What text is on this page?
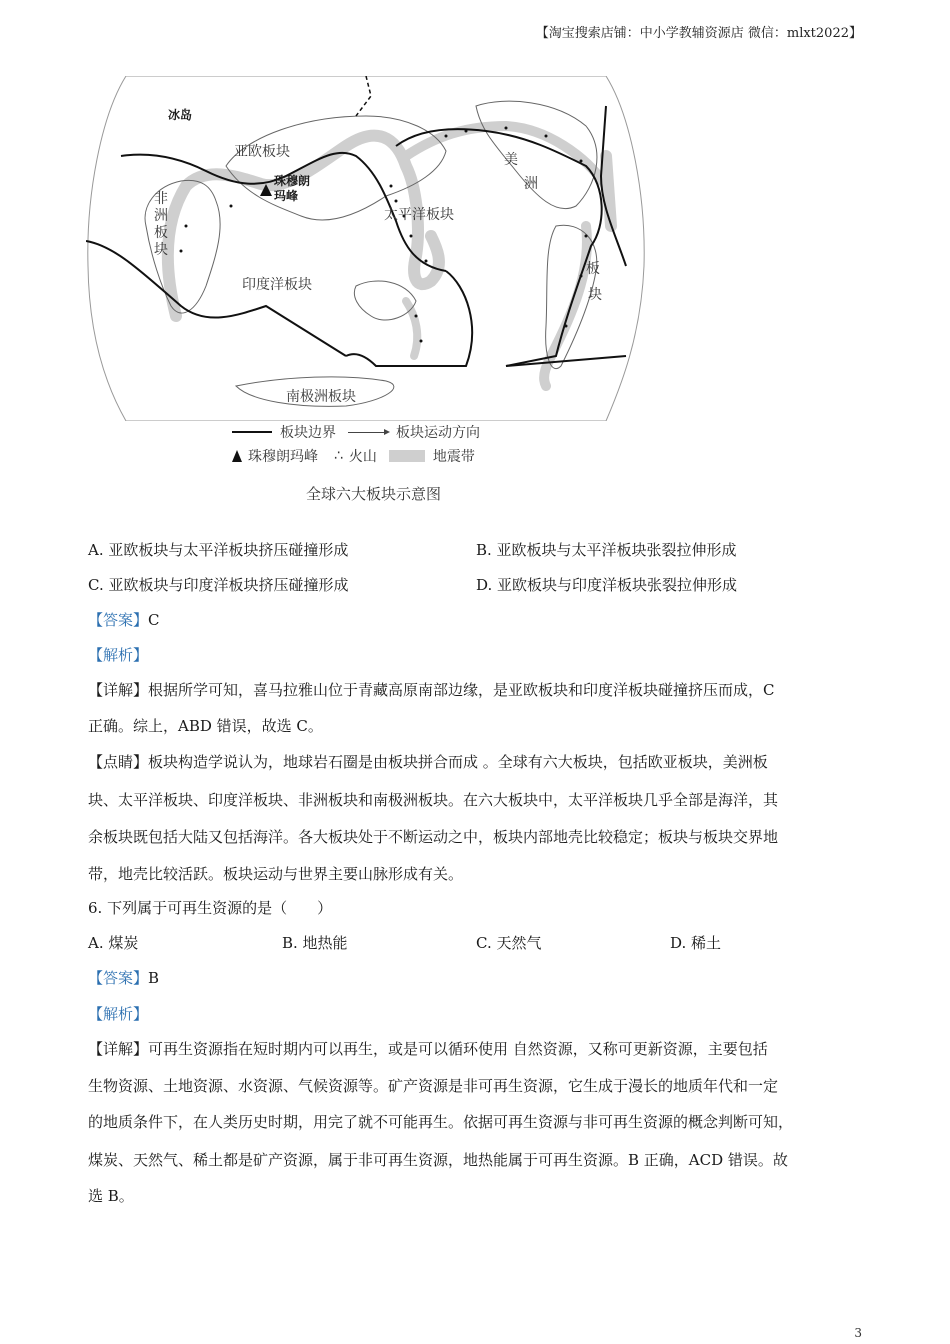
【淘宝搜索店铺：中小学教辅资源店 微信：mlxt2022】
冰岛
亚欧板块
珠穆朗玛峰
非
洲
板
块
太平洋板块
美
洲
板
块
印度洋板块
南极洲板块
板块边界	板块运动方向
珠穆朗玛峰 ∴ 火山	地震带
全球六大板块示意图
A. 亚欧板块与太平洋板块挤压碰撞形成	B. 亚欧板块与太平洋板块张裂拉伸形成
C. 亚欧板块与印度洋板块挤压碰撞形成	D. 亚欧板块与印度洋板块张裂拉伸形成
【答案】C
【解析】
【详解】根据所学可知，喜马拉雅山位于青藏高原南部边缘，是亚欧板块和印度洋板块碰撞挤压而成，C
正确。综上，ABD 错误，故选 C。
【点睛】板块构造学说认为，地球岩石圈是由板块拼合而成 。全球有六大板块，包括欧亚板块，美洲板
块、太平洋板块、印度洋板块、非洲板块和南极洲板块。在六大板块中，太平洋板块几乎全部是海洋，其
余板块既包括大陆又包括海洋。各大板块处于不断运动之中，板块内部地壳比较稳定；板块与板块交界地
带，地壳比较活跃。板块运动与世界主要山脉形成有关。
6. 下列属于可再生资源的是（　　）
A. 煤炭	B. 地热能	C. 天然气	D. 稀土
【答案】B
【解析】
【详解】可再生资源指在短时期内可以再生，或是可以循环使用 自然资源，又称可更新资源，主要包括
生物资源、土地资源、水资源、气候资源等。矿产资源是非可再生资源，它生成于漫长的地质年代和一定
的地质条件下，在人类历史时期，用完了就不可能再生。依据可再生资源与非可再生资源的概念判断可知，
煤炭、天然气、稀土都是矿产资源，属于非可再生资源，地热能属于可再生资源。B 正确，ACD 错误。故
选 B。
3
